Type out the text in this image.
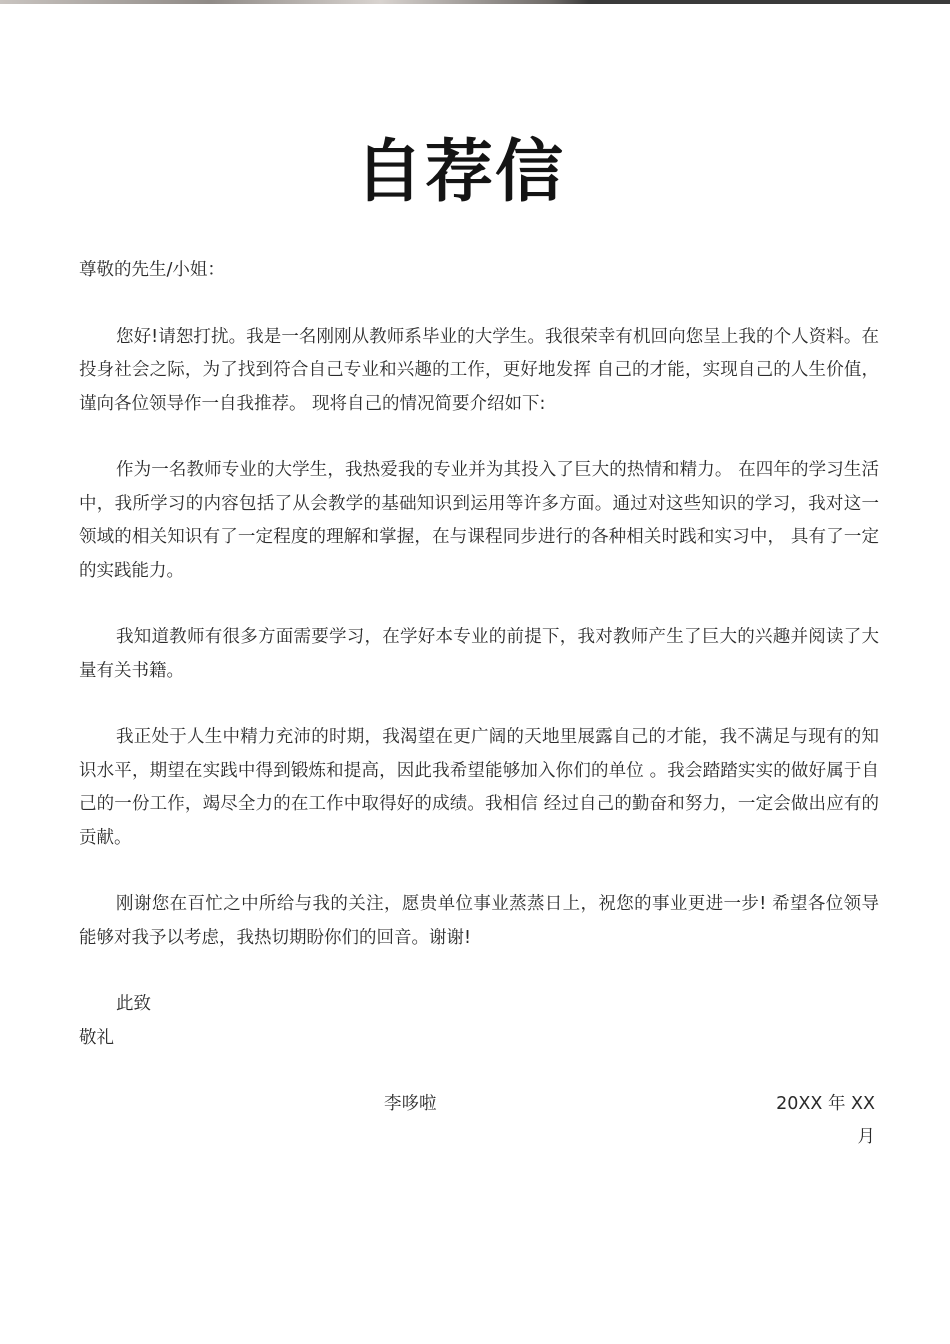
自荐信

尊敬的先生/小姐：

您好!请恕打扰。我是一名刚刚从教师系毕业的大学生。我很荣幸有机回向您呈上我的个人资料。在投身社会之际，为了找到符合自己专业和兴趣的工作，更好地发挥 自己的才能，实现自己的人生价值，谨向各位领导作一自我推荐。 现将自己的情况简要介绍如下:

作为一名教师专业的大学生，我热爱我的专业并为其投入了巨大的热情和精力。 在四年的学习生活中，我所学习的内容包括了从会教学的基础知识到运用等许多方面。通过对这些知识的学习，我对这一领域的相关知识有了一定程度的理解和掌握，在与课程同步进行的各种相关时践和实习中， 具有了一定的实践能力。

我知道教师有很多方面需要学习，在学好本专业的前提下，我对教师产生了巨大的兴趣并阅读了大量有关书籍。

我正处于人生中精力充沛的时期，我渴望在更广阔的天地里展露自己的才能，我不满足与现有的知识水平，期望在实践中得到锻炼和提高，因此我希望能够加入你们的单位 。我会踏踏实实的做好属于自己的一份工作，竭尽全力的在工作中取得好的成绩。我相信 经过自己的勤奋和努力，一定会做出应有的贡献。

刚谢您在百忙之中所给与我的关注，愿贵单位事业蒸蒸日上，祝您的事业更进一步! 希望各位领导能够对我予以考虑，我热切期盼你们的回音。谢谢!

此致

敬礼

李哆啦	20XX 年 XX 月
